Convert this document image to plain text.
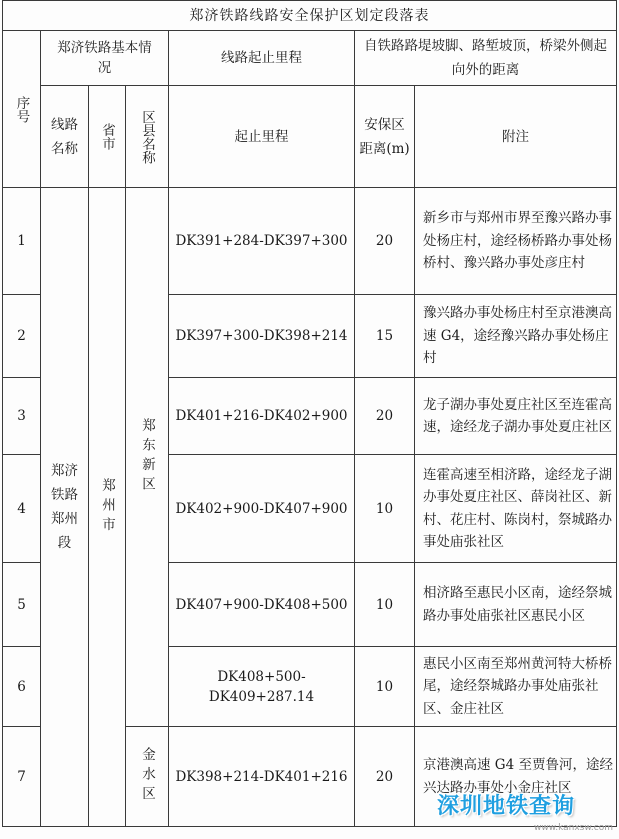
郑济铁路线路安全保护区划定段落表						
序号	郑济铁路基本情况			线路起止里程	自铁路路堤坡脚、路堑坡顶，桥梁外侧起向外的距离	
	线路名称	省市	区县名称	起止里程	安保区距离(m)	附注
1	郑济铁路郑州段	郑州市	郑东新区	DK391+284-DK397+300	20	新乡市与郑州市界至豫兴路办事处杨庄村，途经杨桥路办事处杨桥村、豫兴路办事处彦庄村
2				DK397+300-DK398+214	15	豫兴路办事处杨庄村至京港澳高速 G4，途经豫兴路办事处杨庄村
3				DK401+216-DK402+900	20	龙子湖办事处夏庄社区至连霍高速，途经龙子湖办事处夏庄社区
4				DK402+900-DK407+900	10	连霍高速至相济路，途经龙子湖办事处夏庄社区、薛岗社区、新村、花庄村、陈岗村，祭城路办事处庙张社区
5				DK407+900-DK408+500	10	相济路至惠民小区南，途经祭城路办事处庙张社区惠民小区
6				DK408+500-DK409+287.14	10	惠民小区南至郑州黄河特大桥桥尾，途经祭城路办事处庙张社区、金庄社区
7			金水区	DK398+214-DK401+216	20	京港澳高速 G4 至贾鲁河，途经兴达路办事处小金庄社区
深圳地铁查询
www.kanxsw.com
